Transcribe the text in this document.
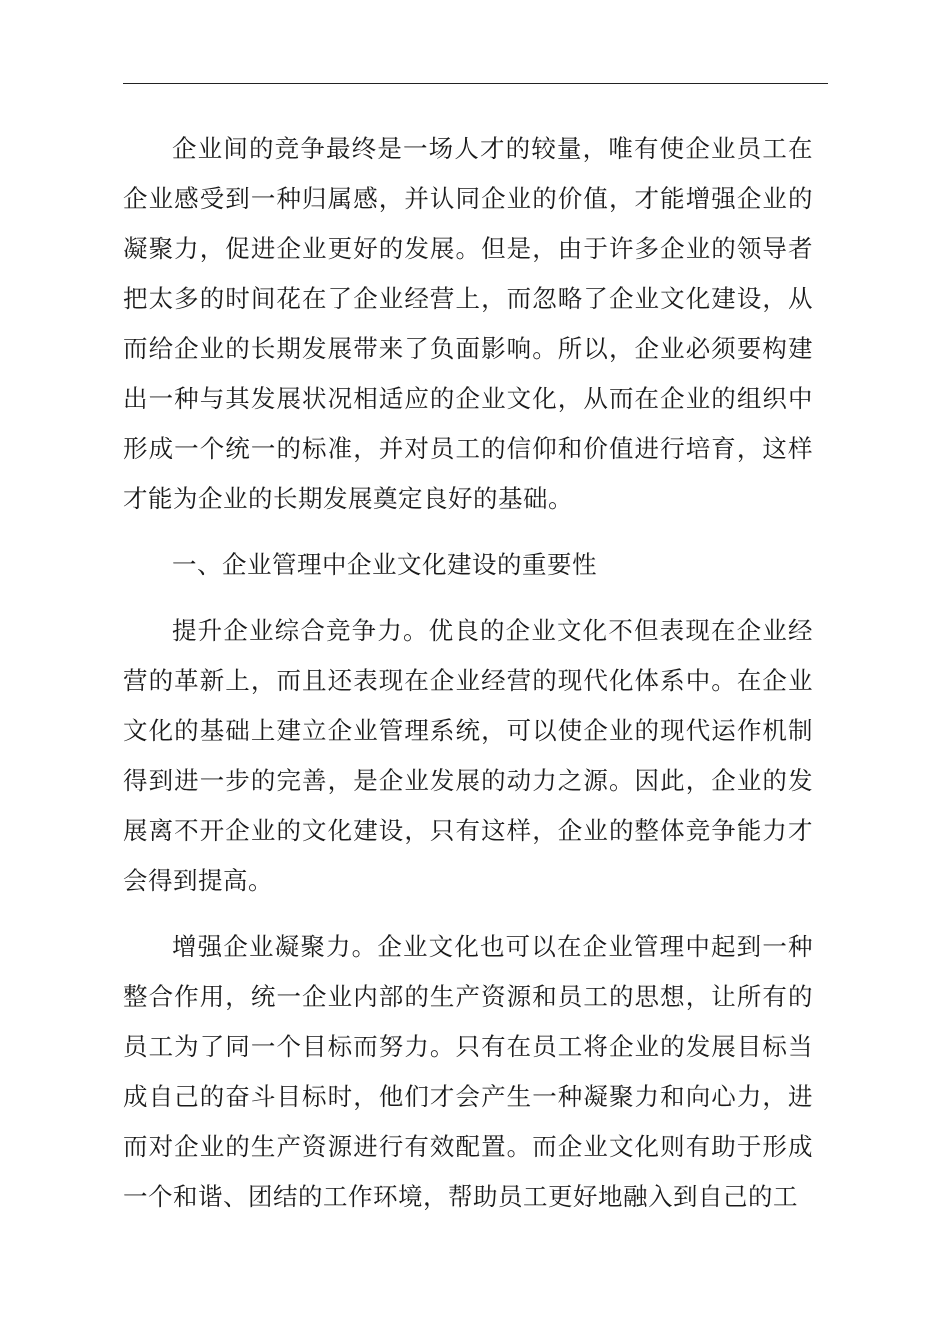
企业间的竞争最终是一场人才的较量，唯有使企业员工在企业感受到一种归属感，并认同企业的价值，才能增强企业的凝聚力，促进企业更好的发展。但是，由于许多企业的领导者把太多的时间花在了企业经营上，而忽略了企业文化建设，从而给企业的长期发展带来了负面影响。所以，企业必须要构建出一种与其发展状况相适应的企业文化，从而在企业的组织中形成一个统一的标准，并对员工的信仰和价值进行培育，这样才能为企业的长期发展奠定良好的基础。

一、企业管理中企业文化建设的重要性

提升企业综合竞争力。优良的企业文化不但表现在企业经营的革新上，而且还表现在企业经营的现代化体系中。在企业文化的基础上建立企业管理系统，可以使企业的现代运作机制得到进一步的完善，是企业发展的动力之源。因此，企业的发展离不开企业的文化建设，只有这样，企业的整体竞争能力才会得到提高。

增强企业凝聚力。企业文化也可以在企业管理中起到一种整合作用，统一企业内部的生产资源和员工的思想，让所有的员工为了同一个目标而努力。只有在员工将企业的发展目标当成自己的奋斗目标时，他们才会产生一种凝聚力和向心力，进而对企业的生产资源进行有效配置。而企业文化则有助于形成一个和谐、团结的工作环境，帮助员工更好地融入到自己的工
